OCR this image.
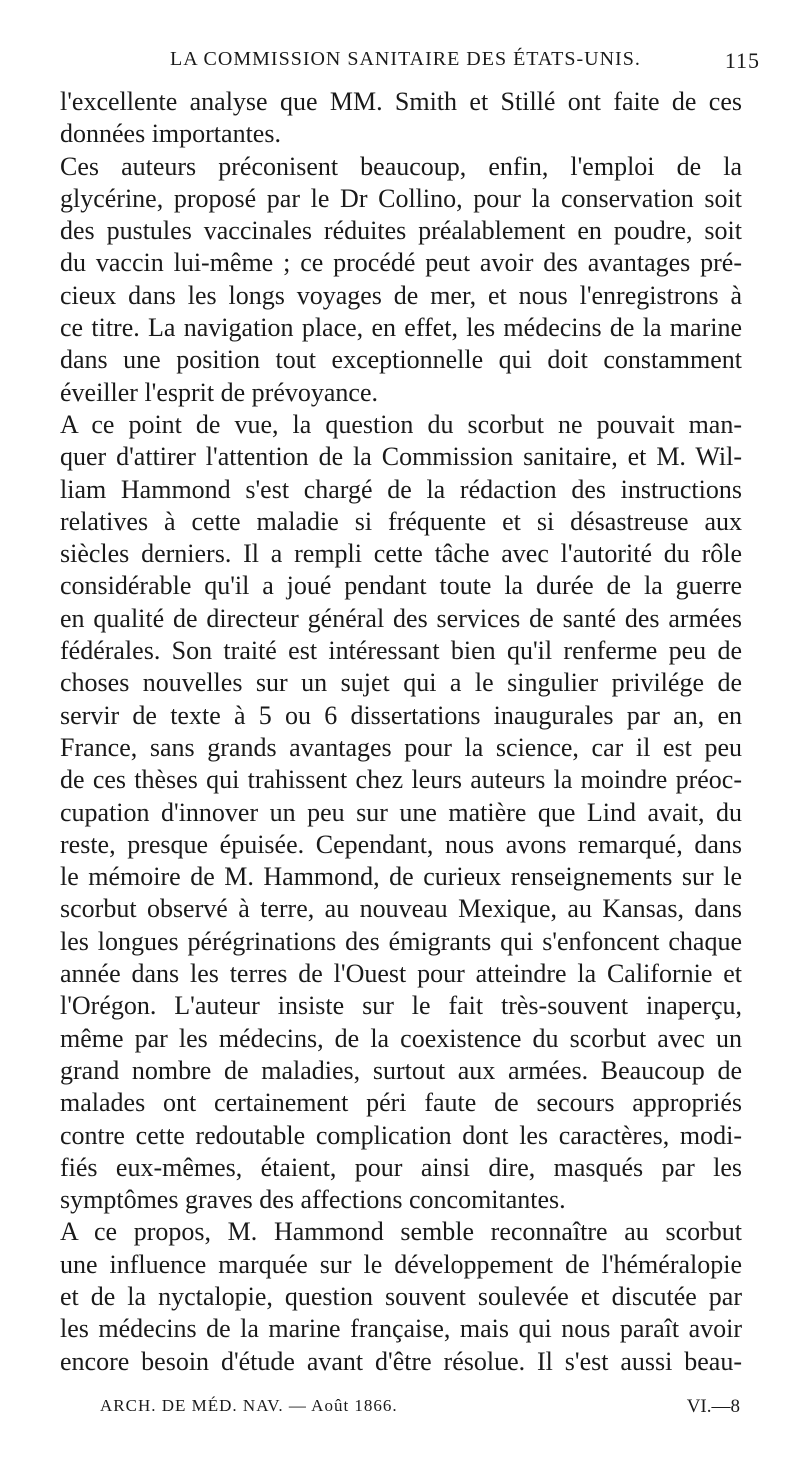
LA COMMISSION SANITAIRE DES ÉTATS-UNIS.	115
l'excellente analyse que MM. Smith et Stillé ont faite de ces
données importantes.
Ces auteurs préconisent beaucoup, enfin, l'emploi de la
glycérine, proposé par le Dr Collino, pour la conservation soit
des pustules vaccinales réduites préalablement en poudre, soit
du vaccin lui-même ; ce procédé peut avoir des avantages pré-
cieux dans les longs voyages de mer, et nous l'enregistrons à
ce titre. La navigation place, en effet, les médecins de la marine
dans une position tout exceptionnelle qui doit constamment
éveiller l'esprit de prévoyance.
A ce point de vue, la question du scorbut ne pouvait man-
quer d'attirer l'attention de la Commission sanitaire, et M. Wil-
liam Hammond s'est chargé de la rédaction des instructions
relatives à cette maladie si fréquente et si désastreuse aux
siècles derniers. Il a rempli cette tâche avec l'autorité du rôle
considérable qu'il a joué pendant toute la durée de la guerre
en qualité de directeur général des services de santé des armées
fédérales. Son traité est intéressant bien qu'il renferme peu de
choses nouvelles sur un sujet qui a le singulier privilége de
servir de texte à 5 ou 6 dissertations inaugurales par an, en
France, sans grands avantages pour la science, car il est peu
de ces thèses qui trahissent chez leurs auteurs la moindre préoc-
cupation d'innover un peu sur une matière que Lind avait, du
reste, presque épuisée. Cependant, nous avons remarqué, dans
le mémoire de M. Hammond, de curieux renseignements sur le
scorbut observé à terre, au nouveau Mexique, au Kansas, dans
les longues pérégrinations des émigrants qui s'enfoncent chaque
année dans les terres de l'Ouest pour atteindre la Californie et
l'Orégon. L'auteur insiste sur le fait très-souvent inaperçu,
même par les médecins, de la coexistence du scorbut avec un
grand nombre de maladies, surtout aux armées. Beaucoup de
malades ont certainement péri faute de secours appropriés
contre cette redoutable complication dont les caractères, modi-
fiés eux-mêmes, étaient, pour ainsi dire, masqués par les
symptômes graves des affections concomitantes.
A ce propos, M. Hammond semble reconnaître au scorbut
une influence marquée sur le développement de l'héméralopie
et de la nyctalopie, question souvent soulevée et discutée par
les médecins de la marine française, mais qui nous paraît avoir
encore besoin d'étude avant d'être résolue. Il s'est aussi beau-
ARCH. DE MÉD. NAV. — Août 1866.	VI.—8
